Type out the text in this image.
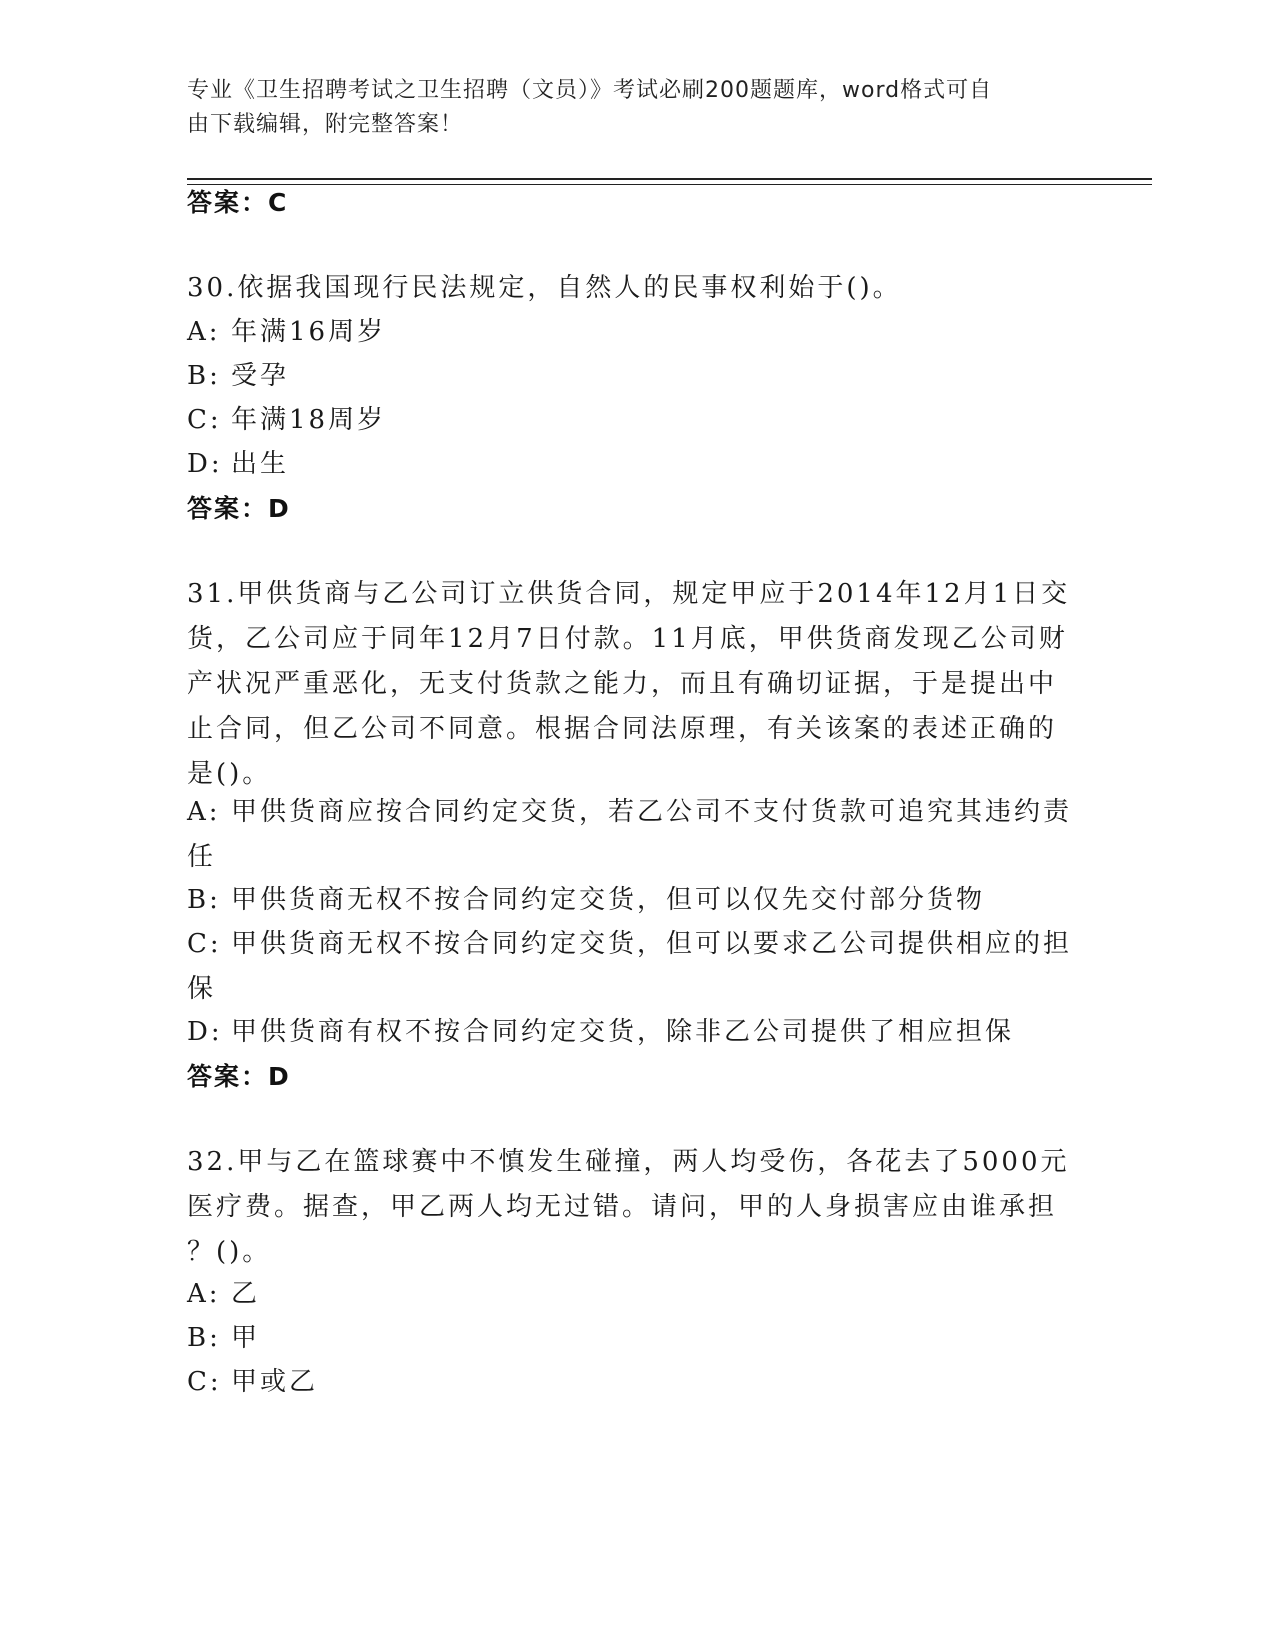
专业《卫生招聘考试之卫生招聘（文员）》考试必刷200题题库，word格式可自
由下载编辑，附完整答案！
答案：C
30.依据我国现行民法规定，自然人的民事权利始于()。
A: 年满16周岁
B: 受孕
C: 年满18周岁
D: 出生
答案：D
31.甲供货商与乙公司订立供货合同，规定甲应于2014年12月1日交
货，乙公司应于同年12月7日付款。11月底，甲供货商发现乙公司财
产状况严重恶化，无支付货款之能力，而且有确切证据，于是提出中
止合同，但乙公司不同意。根据合同法原理，有关该案的表述正确的
是()。
A: 甲供货商应按合同约定交货，若乙公司不支付货款可追究其违约责
任
B: 甲供货商无权不按合同约定交货，但可以仅先交付部分货物
C: 甲供货商无权不按合同约定交货，但可以要求乙公司提供相应的担
保
D: 甲供货商有权不按合同约定交货，除非乙公司提供了相应担保
答案：D
32.甲与乙在篮球赛中不慎发生碰撞，两人均受伤，各花去了5000元
医疗费。据查，甲乙两人均无过错。请问，甲的人身损害应由谁承担
？()。
A: 乙
B: 甲
C: 甲或乙
